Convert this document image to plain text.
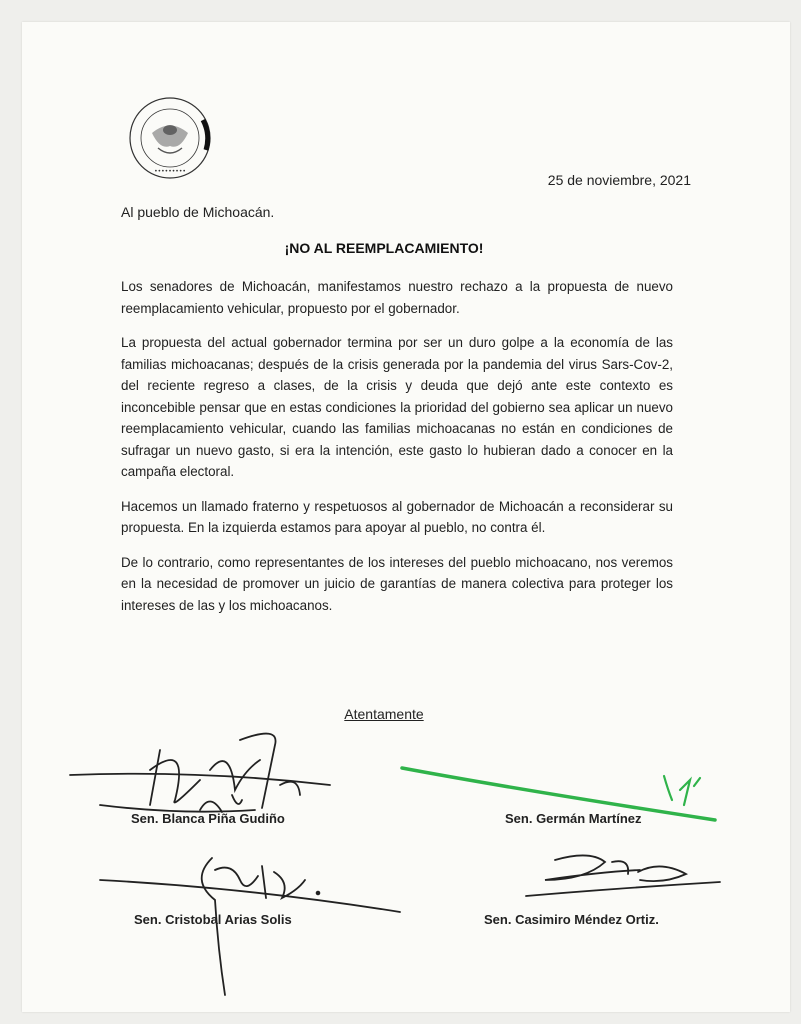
•••••••••
25 de noviembre, 2021
Al pueblo de Michoacán.
¡NO AL REEMPLACAMIENTO!

Los senadores de Michoacán, manifestamos nuestro rechazo a la propuesta de nuevo reemplacamiento vehicular, propuesto por el gobernador.

La propuesta del actual gobernador termina por ser un duro golpe a la economía de las familias michoacanas; después de la crisis generada por la pandemia del virus Sars-Cov-2, del reciente regreso a clases, de la crisis y deuda que dejó ante este contexto es inconcebible pensar que en estas condiciones la prioridad del gobierno sea aplicar un nuevo reemplacamiento vehicular, cuando las familias michoacanas no están en condiciones de sufragar un nuevo gasto, si era la intención, este gasto lo hubieran dado a conocer en la campaña electoral.

Hacemos un llamado fraterno y respetuosos al gobernador de Michoacán a reconsiderar su propuesta. En la izquierda estamos para apoyar al pueblo, no contra él.

De lo contrario, como representantes de los intereses del pueblo michoacano, nos veremos en la necesidad de promover un juicio de garantías de manera colectiva para proteger los intereses de las y los michoacanos.

Atentamente
Sen. Blanca Piña Gudiño	Sen. Germán Martínez
Sen. Cristobal Arias Solis	Sen. Casimiro Méndez Ortiz.
